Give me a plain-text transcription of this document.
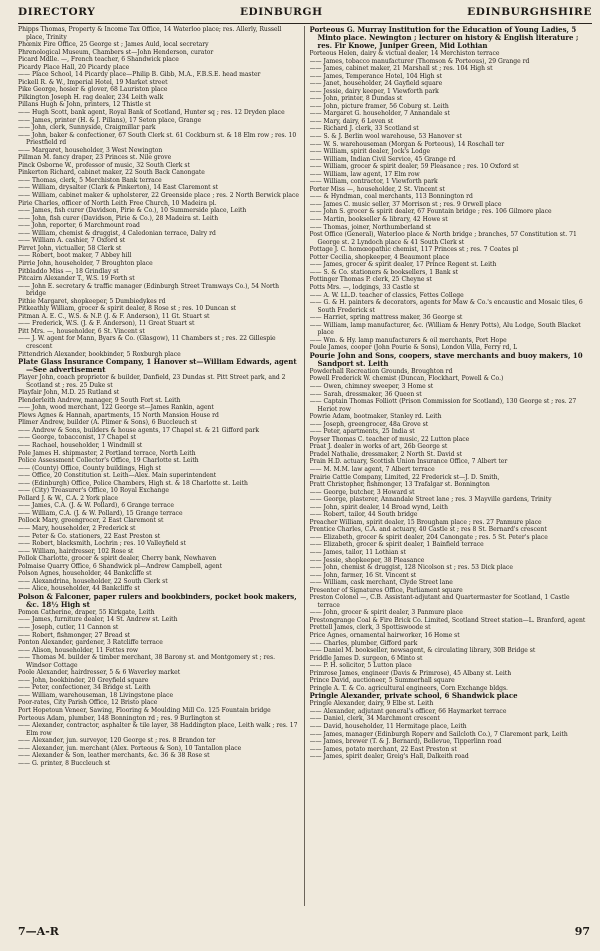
DIRECTORY	EDINBURGH	EDINBURGHSHIRE

Phipps Thomas, Property & Income Tax Office, 14 Waterloo place; res. Allerly, Russell place, Trinity

Phœnix Fire Office, 25 George st ; James Auld, local secretary

Phrenological Museum, Chambers st—John Henderson, curator

Picard Mdlle. —, French teacher, 6 Shandwick place

Picardy Place Hall, 20 Picardy place

—— Place School, 14 Picardy place—Philip B. Gibb, M.A., F.B.S.E. head master

Pickell R. & W., Imperial Hotel, 19 Market street

Pike George, hosier & glover, 68 Lauriston place

Pilkington Joseph H. rag dealer, 234 Leith walk

Pillans Hugh & John, printers, 12 Thistle st

—— Hugh Scott, bank agent, Royal Bank of Scotland, Hunter sq ; res. 12 Dryden place

—— James, printer (H. & J. Pillans), 17 Seton place, Grange

—— John, clerk, Sunnyside, Craigmillar park

—— John, baker & confectioner, 67 South Clerk st. 61 Cockburn st. & 18 Elm row ; res. 10 Priestfield rd

—— Margaret, householder, 3 West Newington

Pillman M. fancy draper, 23 Princes st. Nile grove

Pinck Osborne W., professor of music, 32 South Clerk st

Pinkerton Richard, cabinet maker, 22 South Back Canongate

—— Thomas, clerk, 5 Merchiston Bank terrace

—— William, drysalter (Clark & Pinkerton), 14 East Claremont st

—— William, cabinet maker & upholsterer, 22 Greenside place ; res. 2 North Berwick place

Pirie Charles, officer of North Leith Free Church, 10 Madeira pl.

—— James, fish curer (Davidson, Pirie & Co.), 10 Summerside place, Leith

—— John, fish curer (Davidson, Pirie & Co.), 28 Madeira st. Leith

—— John, reporter, 6 Marchmount road

—— William, chemist & druggist, 4 Caledonian terrace, Dalry rd

—— William A. cashier, 7 Oxford st

Pirret John, victualler, 58 Clerk st

—— Robert, boot maker, 7 Abbey hill

Pirrie John, householder, 7 Broughton place

Pitbladdo Miss —, 18 Grindlay st

Pitcairn Alexander T., W.S. 19 Forth st

—— John E. secretary & traffic manager (Edinburgh Street Tramways Co.), 54 North bridge

Pithie Margaret, shopkeeper, 5 Dumbiedykes rd

Pitkeathly William, grocer & spirit dealer, 8 Rose st ; res. 10 Duncan st

Pitman A. E. C., W.S. & N.P. (J. & F. Anderson), 11 Gt. Stuart st

—— Frederick, W.S. (J. & F. Anderson), 11 Great Stuart st

Pitt Mrs. —, householder, 6 St. Vincent st

—— J. W. agent for Mann, Byars & Co. (Glasgow), 11 Chambers st ; res. 22 Gillespie crescent

Pittendrich Alexander, bookbinder, 5 Roxburgh place

Plate Glass Insurance Company, 1 Hanover st—William Edwards, agent—See advertisement

Player John, coach proprietor & builder, Danfield, 23 Dundas st. Pitt Street park, and 2 Scotland st ; res. 25 Duke st

Playfair John, M.D. 25 Rutland st

Plenderleith Andrew, manager, 9 South Fort st. Leith

—— John, wood merchant, 122 George st—James Rankin, agent

Plews Agnes & Hannah, apartments, 15 North Mansion House rd

Plimer Andrew, builder (A. Plimer & Sons), 6 Buccleuch st

—— Andrew & Sons, builders & house agents, 17 Chapel st. & 21 Gifford park

—— George, tobacconist, 17 Chapel st

—— Rachael, householder, 1 Windmill st

Pole James H. shipmaster, 2 Portland terrace, North Leith

Police Assessment Collector's Office, 19 Charlotte st. Leith

—— (County) Office, County buildings, High st

—— Office, 20 Constitution st. Leith—Alex. Main superintendent

—— (Edinburgh) Office, Police Chambers, High st. & 18 Charlotte st. Leith

—— (City) Treasurer's Office, 10 Royal Exchange

Pollard J. & W., C.A. 2 York place

—— James, C.A. (J. & W. Pollard), 6 Grange terrace

—— William, C.A. (J. & W. Pollard), 15 Grange terrace

Pollock Mary, greengrocer, 2 East Claremont st

—— Mary, householder, 2 Frederick st

—— Peter & Co. stationers, 22 East Preston st

—— Robert, blacksmith, Lochrin ; res. 10 Valleyfield st

—— William, hairdresser, 102 Rose st

Pollok Charlotte, grocer & spirit dealer, Cherry bank, Newhaven

Polmaise Quarry Office, 6 Shandwick pl—Andrew Campbell, agent

Polson Agnes, householder, 44 Bankcliffe st

—— Alexandrina, householder, 22 South Clerk st

—— Alice, householder, 44 Bankcliffe st

Polson & Falconer, paper rulers and bookbinders, pocket book makers, &c. 18½ High st

Pomon Catherine, draper, 55 Kirkgate, Leith

—— James, furniture dealer, 14 St. Andrew st. Leith

—— Joseph, cutler, 11 Cannon st

—— Robert, fishmonger, 27 Bread st

Ponton Alexander, gardener, 3 Ratcliffe terrace

—— Alison, householder, 11 Fettes row

—— Thomas M. builder & timber merchant, 38 Barony st. and Montgomery st ; res. Windsor Cottage

Poole Alexander, hairdresser, 5 & 6 Waverley market

—— John, bookbinder, 20 Greyfield square

—— Peter, confectioner, 34 Bridge st. Leith

—— William, warehouseman, 18 Livingstone place

Poor-rates, City Parish Office, 12 Bristo place

Port Hopetoun Veneer, Sawing, Flooring & Moulding Mill Co. 125 Fountain bridge

Porteous Adam, plumber, 148 Bonnington rd ; res. 9 Burlington st

—— Alexander, contractor, asphalter & tile layer, 38 Haddington place, Leith walk ; res. 17 Elm row

—— Alexander, jun. surveyor, 120 George st ; res. 8 Brandon ter

—— Alexander, jun. merchant (Alex. Porteous & Son), 10 Tantallon place

—— Alexander & Son, leather merchants, &c. 36 & 38 Rose st

—— G. printer, 8 Buccleuch st

Porteous G. Murray Institution for the Education of Young Ladies, 5 Minto place. Newington ; lecturer on history & English literature ; res. Fir Knowe, Juniper Green, Mid Lothian

Porteous Helen, dairy & victual dealer, 14 Merchiston terrace

—— James, tobacco manufacturer (Thomson & Porteous), 29 Grange rd

—— James, cabinet maker, 21 Marshall st ; res. 104 High st

—— James, Temperance Hotel, 104 High st

—— Janet, householder, 24 Gayfield square

—— Jessie, dairy keeper, 1 Viewforth park

—— John, printer, 8 Dundas st

—— John, picture framer, 56 Coburg st. Leith

—— Margaret G. householder, 7 Annandale st

—— Mary, dairy, 6 Leven st

—— Richard J. clerk, 33 Scotland st

—— S. & J. Berlin wool warehouse, 53 Hanover st

—— W. S. warehouseman (Morgan & Porteous), 14 Roschall ter

—— William, spirit dealer, Jock's Lodge

—— William, Indian Civil Service, 45 Grange rd

—— William, grocer & spirit dealer, 59 Pleasance ; res. 10 Oxford st

—— William, law agent, 17 Elm row

—— William, contractor, 1 Viewforth park

Porter Miss —, householder, 2 St. Vincent st

—— & Hyndman, coal merchants, 113 Bonnington rd

—— James C. music seller, 37 Morrison st ; res. 9 Orwell place

—— John S. grocer & spirit dealer, 67 Fountain bridge ; res. 106 Gilmore place

—— Martin, bookseller & library, 42 Howe st

—— Thomas, joiner, Northumberland st

Post Office (General), Waterloo place & North bridge ; branches, 57 Constitution st. 71 George st. 2 Lyndoch place & 41 South Clerk st

Pottage J. C. homœopathic chemist, 117 Princes st ; res. 7 Coates pl

Potter Cecilia, shopkeeper, 4 Beaumont place

—— James, grocer & spirit dealer, 17 Prince Regent st. Leith

—— S. & Co. stationers & booksellers, 1 Bank st

Pottinger Thomas P. clerk, 25 Cheyne st

Potts Mrs. —, lodgings, 33 Castle st

—— A. W. LL.D. teacher of classics, Fettes College

—— G. & H. painters & decorators, agents for Maw & Co.'s encaustic and Mosaic tiles, 6 South Frederick st

—— Harriet, spring mattress maker, 36 George st

—— William, lamp manufacturer, &c. (William & Henry Potts), Alu Lodge, South Blacket place

—— Wm. & Hy. lamp manufacturers & oil merchants, Port Hope

Poule James, cooper (John Pourie & Sons), London Villa, Ferry rd, L

Pourie John and Sons, coopers, stave merchants and buoy makers, 10 Sandport st. Leith

Powderhall Recreation Grounds, Broughton rd

Powell Frederick W. chemist (Duncan, Flockhart, Powell & Co.)

—— Owen, chimney sweeper, 3 Home st

—— Sarah, dressmaker, 36 Queen st

—— Captain Thomas Folliott (Prison Commission for Scotland), 130 George st ; res. 27 Heriot row

Powrie Adam, bootmaker, Stanley rd. Leith

—— Joseph, greengrocer, 48a Grove st

—— Peter, apartments, 25 India st

Poyser Thomas C. teacher of music, 22 Lutton place

Praat J. dealer in works of art, 26b George st

Pradel Nathalie, dressmaker, 2 North St. David st

Prain H.D. actuary, Scottish Union Insurance Office, 7 Albert ter

—— M. M.M. law agent, 7 Albert terrace

Prairie Cattle Company, Limited, 22 Frederick st—J. D. Smith,

Pratt Christopher, fishmonger, 13 Trafalgar st. Bonnington

—— George, butcher, 3 Howard st

—— George, plasterer, Annandale Street lane ; res. 3 Mayville gardens, Trinity

—— John, spirit dealer, 14 Broad wynd, Leith

—— Robert, tailor, 44 South bridge

Preacher William, spirit dealer, 15 Brougham place ; res. 27 Panmure place

Prentice Charles, C.A. and actuary, 40 Castle st ; res 8 St. Bernard's crescent

—— Elizabeth, grocer & spirit dealer, 204 Canongate ; res. 5 St. Peter's place

—— Elizabeth, grocer & spirit dealer, 1 Bainfield terrace

—— James, tailor, 11 Lothian st

—— Jessie, shopkeeper, 38 Pleasance

—— John, chemist & druggist, 128 Nicolson st ; res. 53 Dick place

—— John, farmer, 16 St. Vincent st

—— William, cask merchant, Clyde Street lane

Presenter of Signatures Office, Parliament square

Preston Colonel —, C.B. Assistant-adjutant and Quartermaster for Scotland, 1 Castle terrace

—— John, grocer & spirit dealer, 3 Panmure place

Prestongrange Coal & Fire Brick Co. Limited, Scotland Street station—L. Branford, agent

Prettell James, clerk, 3 Spottiswoode st

Price Agnes, ornamental hairworker, 16 Home st

—— Charles, plumber, Gifford park

—— Daniel M. bookseller, newsagent, & circulating library, 30B Bridge st

Priddle James D. surgeon, 6 Minto st

—— P. H. solicitor, 5 Lutton place

Primrose James, engineer (Davis & Primrose), 45 Albany st. Leith

Prince David, auctioneer, 5 Summerhall square

Pringle A. T. & Co. agricultural engineers, Corn Exchange bldgs.

Pringle Alexander, private school, 6 Shandwick place

Pringle Alexander, dairy, 9 Elbe st. Leith

—— Alexander, adjutant general's officer, 66 Haymarket terrace

—— Daniel, clerk, 34 Marchmont crescent

—— David, householder, 11 Hermitage place, Leith

—— James, manager (Edinburgh Roperv and Sailcloth Co.), 7 Claremont park, Leith

—— James, brewer (T. & J. Bernard), Bellevue, Tipperlinn road

—— James, potato merchant, 22 East Preston st

—— James, spirit dealer, Greig's Hall, Dalkeith road

7—A-R	97
